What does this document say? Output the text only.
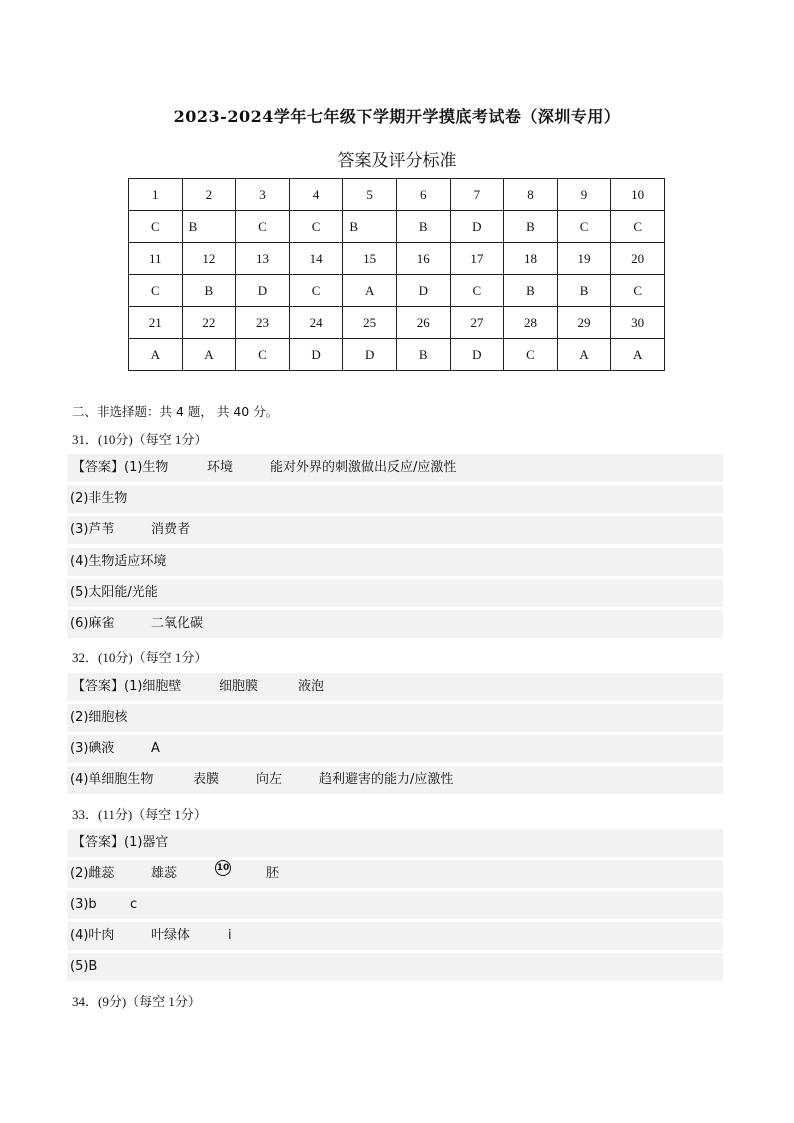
2023-2024学年七年级下学期开学摸底考试卷（深圳专用）
答案及评分标准
1	2	3	4	5	6	7	8	9	10
C	B	C	C	B	B	D	B	C	C
11	12	13	14	15	16	17	18	19	20
C	B	D	C	A	D	C	B	B	C
21	22	23	24	25	26	27	28	29	30
A	A	C	D	D	B	D	C	A	A
二、非选择题：共 4 题， 共 40 分。
31．(10分)（每空 1分）
【答案】(1)生物	环境	能对外界的刺激做出反应/应激性
(2)非生物
(3)芦苇	消费者
(4)生物适应环境
(5)太阳能/光能
(6)麻雀	二氧化碳
32．(10分)（每空 1分）
【答案】(1)细胞壁	细胞膜	液泡
(2)细胞核
(3)碘液	A
(4)单细胞生物	表膜	向左	趋利避害的能力/应激性
33．(11分)（每空 1分）
【答案】(1)器官
(2)雌蕊	雄蕊	10	胚
(3)b	c
(4)叶肉	叶绿体	i
(5)B
34．(9分)（每空 1分）
